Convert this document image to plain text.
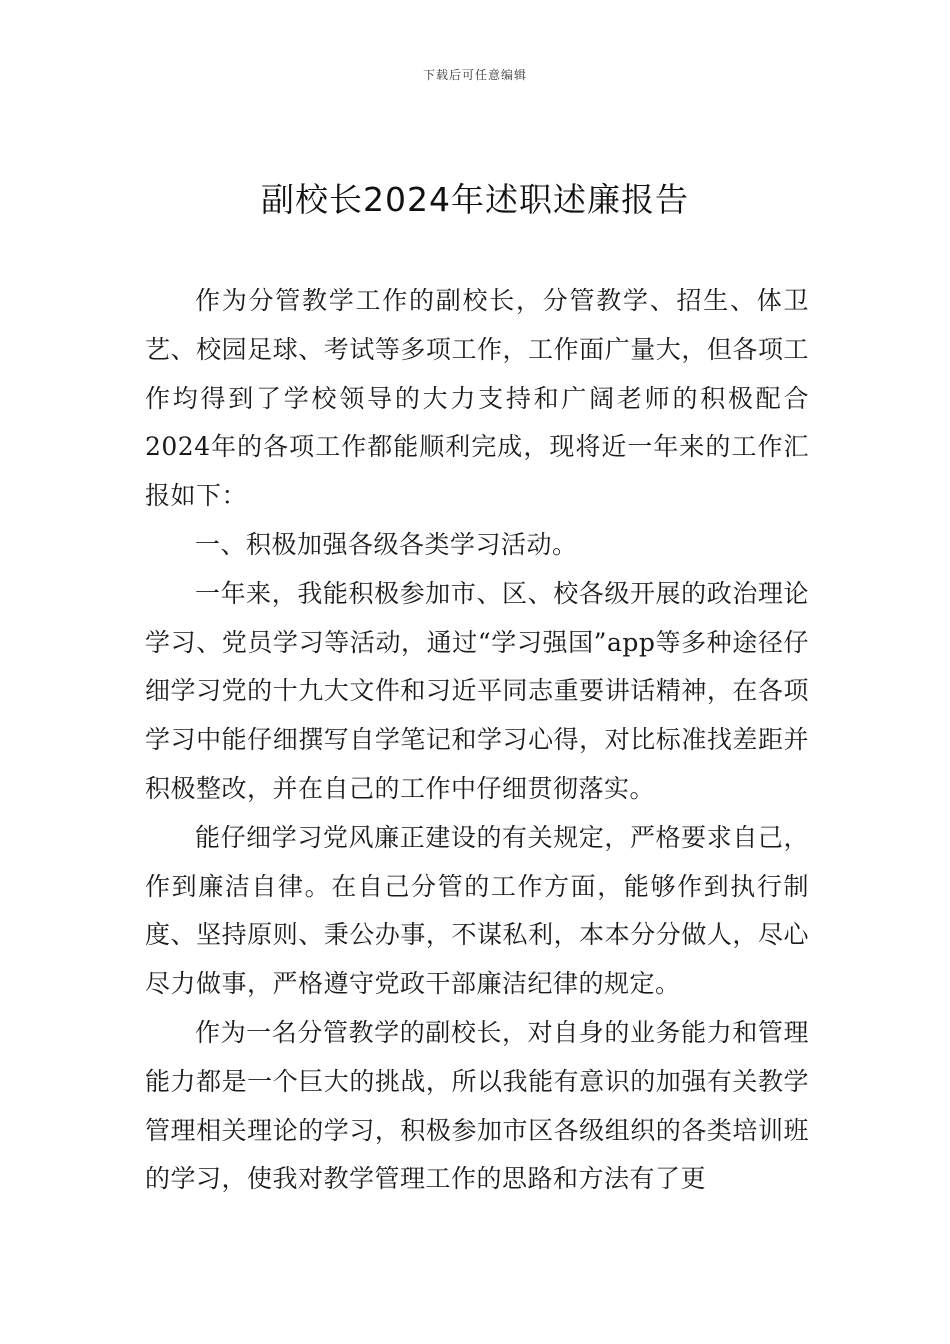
下载后可任意编辑
副校长2024年述职述廉报告

作为分管教学工作的副校长，分管教学、招生、体卫艺、校园足球、考试等多项工作，工作面广量大，但各项工作均得到了学校领导的大力支持和广阔老师的积极配合2024年的各项工作都能顺利完成，现将近一年来的工作汇报如下：

一、积极加强各级各类学习活动。

一年来，我能积极参加市、区、校各级开展的政治理论学习、党员学习等活动，通过“学习强国”app等多种途径仔细学习党的十九大文件和习近平同志重要讲话精神，在各项学习中能仔细撰写自学笔记和学习心得，对比标准找差距并积极整改，并在自己的工作中仔细贯彻落实。

能仔细学习党风廉正建设的有关规定，严格要求自己，作到廉洁自律。在自己分管的工作方面，能够作到执行制度、坚持原则、秉公办事，不谋私利，本本分分做人，尽心尽力做事，严格遵守党政干部廉洁纪律的规定。

作为一名分管教学的副校长，对自身的业务能力和管理能力都是一个巨大的挑战，所以我能有意识的加强有关教学管理相关理论的学习，积极参加市区各级组织的各类培训班的学习，使我对教学管理工作的思路和方法有了更
